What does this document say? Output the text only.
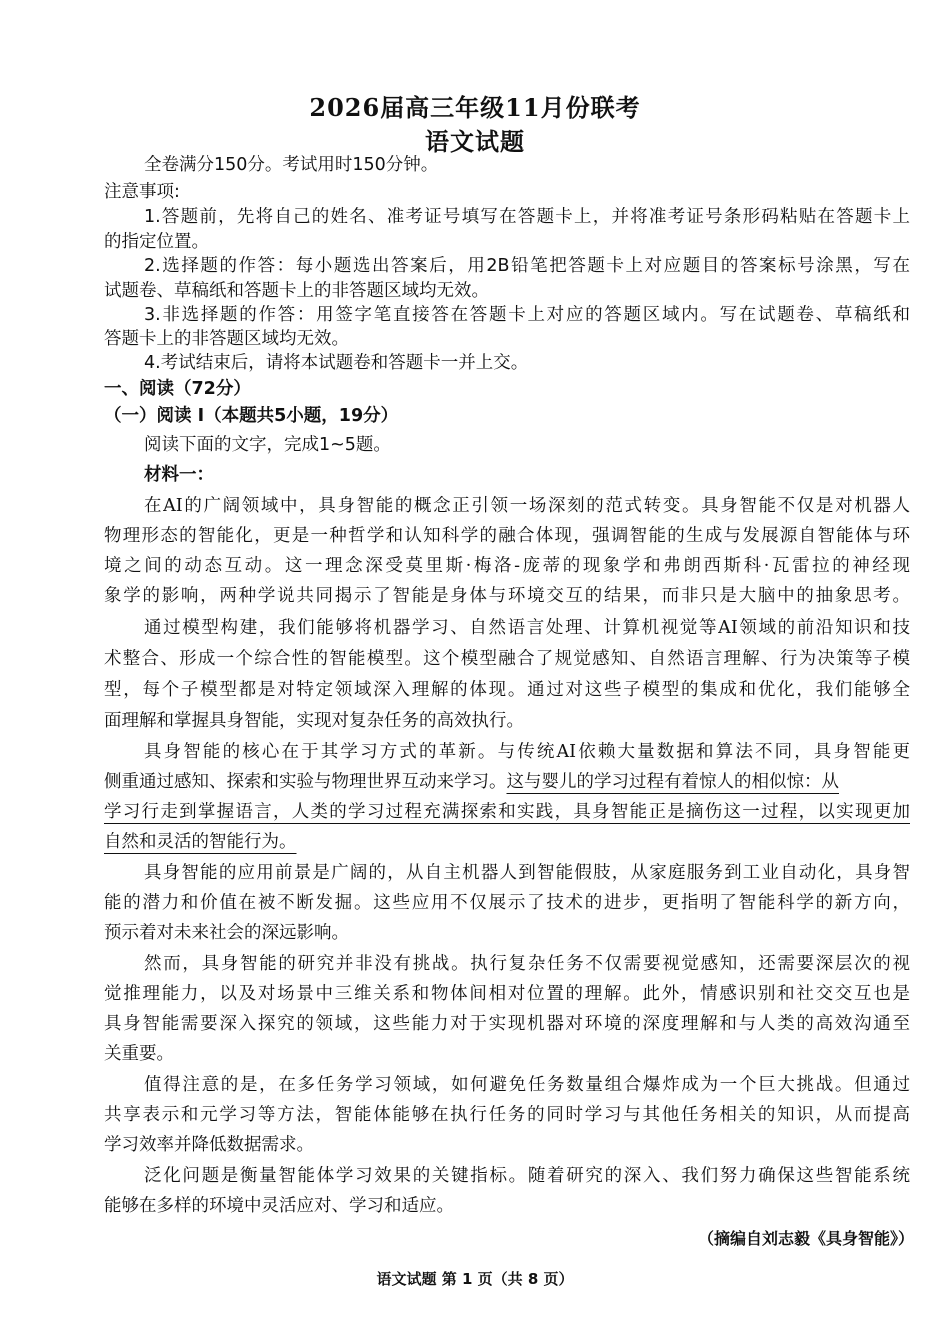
2026届高三年级11月份联考
语文试题
全卷满分150分。考试用时150分钟。
注意事项:
1.答题前，先将自己的姓名、准考证号填写在答题卡上，并将准考证号条形码粘贴在答题卡上
的指定位置。
2.选择题的作答：每小题选出答案后，用2B铅笔把答题卡上对应题目的答案标号涂黑，写在
试题卷、草稿纸和答题卡上的非答题区域均无效。
3.非选择题的作答：用签字笔直接答在答题卡上对应的答题区域内。写在试题卷、草稿纸和
答题卡上的非答题区域均无效。
4.考试结束后，请将本试题卷和答题卡一并上交。
一、阅读（72分）
（一）阅读 I（本题共5小题，19分）
阅读下面的文字，完成1~5题。
材料一：
在AI的广阔领域中，具身智能的概念正引领一场深刻的范式转变。具身智能不仅是对机器人
物理形态的智能化，更是一种哲学和认知科学的融合体现，强调智能的生成与发展源自智能体与环
境之间的动态互动。这一理念深受莫里斯·梅洛-庞蒂的现象学和弗朗西斯科·瓦雷拉的神经现
象学的影响，两种学说共同揭示了智能是身体与环境交互的结果，而非只是大脑中的抽象思考。
通过模型构建，我们能够将机器学习、自然语言处理、计算机视觉等AI领域的前沿知识和技
术整合、形成一个综合性的智能模型。这个模型融合了规觉感知、自然语言理解、行为决策等子模
型，每个子模型都是对特定领域深入理解的体现。通过对这些子模型的集成和优化，我们能够全
面理解和掌握具身智能，实现对复杂任务的高效执行。
具身智能的核心在于其学习方式的革新。与传统AI依赖大量数据和算法不同，具身智能更
侧重通过感知、探索和实验与物理世界互动来学习。这与婴儿的学习过程有着惊人的相似惊：从
学习行走到掌握语言，人类的学习过程充满探索和实践，具身智能正是摘伤这一过程，以实现更加
自然和灵活的智能行为。
具身智能的应用前景是广阔的，从自主机器人到智能假肢，从家庭服务到工业自动化，具身智
能的潜力和价值在被不断发掘。这些应用不仅展示了技术的进步，更指明了智能科学的新方向，
预示着对未来社会的深远影响。
然而，具身智能的研究并非没有挑战。执行复杂任务不仅需要视觉感知，还需要深层次的视
觉推理能力，以及对场景中三维关系和物体间相对位置的理解。此外，情感识别和社交交互也是
具身智能需要深入探究的领域，这些能力对于实现机器对环境的深度理解和与人类的高效沟通至
关重要。
值得注意的是，在多任务学习领域，如何避免任务数量组合爆炸成为一个巨大挑战。但通过
共享表示和元学习等方法，智能体能够在执行任务的同时学习与其他任务相关的知识，从而提高
学习效率并降低数据需求。
泛化问题是衡量智能体学习效果的关键指标。随着研究的深入、我们努力确保这些智能系统
能够在多样的环境中灵活应对、学习和适应。
（摘编自刘志毅《具身智能》）
语文试题 第 1 页（共 8 页）
